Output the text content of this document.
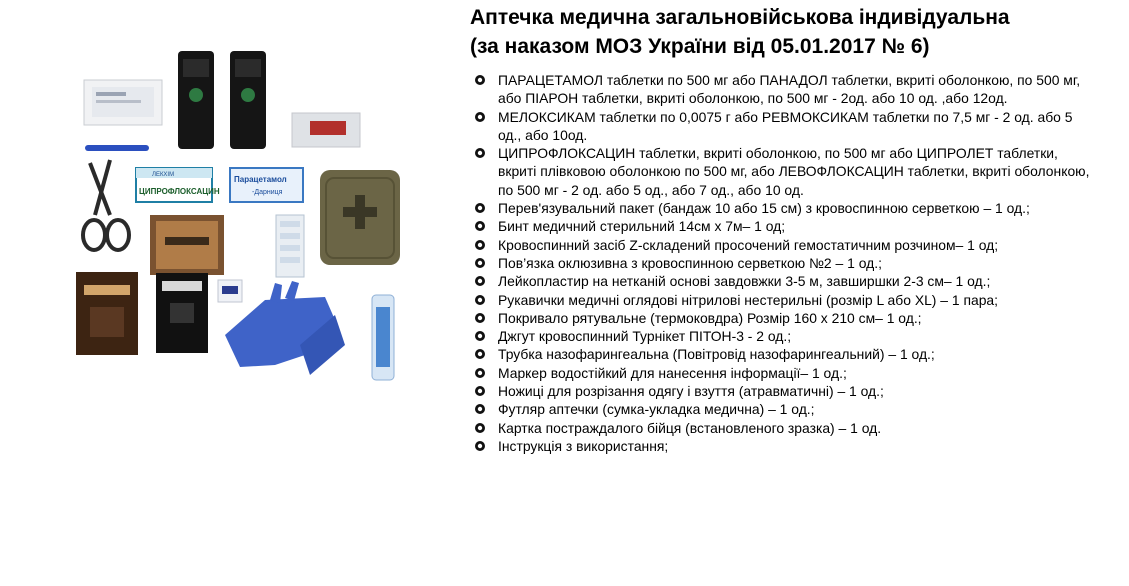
ЛЕКХІМ
ЦИПРОФЛОКСАЦИН
Парацетамол
-Дарниця
Аптечка медична загальновійськова індивідуальна
(за наказом МОЗ України від 05.01.2017 № 6)
ПАРАЦЕТАМОЛ таблетки по 500 мг або ПАНАДОЛ таблетки, вкриті оболонкою, по 500 мг, або ПІАРОН таблетки, вкриті оболонкою, по 500 мг - 2од. або 10 од. ,або 12од.
МЕЛОКСИКАМ таблетки по 0,0075 г або РЕВМОКСИКАМ таблетки по 7,5 мг - 2 од. або 5 од., або 10од.
ЦИПРОФЛОКСАЦИН таблетки, вкриті оболонкою, по 500 мг або ЦИПРОЛЕТ таблетки, вкриті плівковою оболонкою по 500 мг, або ЛЕВОФЛОКСАЦИН таблетки, вкриті оболонкою, по 500 мг - 2 од. або 5 од., або 7 од., або 10 од.
Перев'язувальний пакет (бандаж 10 або 15 см) з кровоспинною серветкою – 1 од.;
Бинт медичний стерильний 14см х 7м– 1 од;
Кровоспинний засіб Z-складений просочений гемостатичним розчином– 1 од;
Пов’язка оклюзивна з кровоспинною серветкою №2 – 1 од.;
Лейкопластир на нетканій основі завдовжки 3-5 м, завширшки 2-3 см– 1 од.;
Рукавички медичні оглядові нітрилові нестерильні (розмір L або XL) – 1 пара;
Покривало рятувальне (термоковдра) Розмір 160 х 210 см– 1 од.;
Джгут кровоспинний Турнікет ПІТОН-3 - 2 од.;
Трубка назофарингеальна (Повітровід назофарингеальний) – 1 од.;
Маркер водостійкий для нанесення інформації– 1 од.;
Ножиці для розрізання одягу і взуття (атравматичні) – 1 од.;
Футляр аптечки (сумка-укладка медична) – 1 од.;
Картка постраждалого бійця (встановленого зразка) – 1 од.
Інструкція з використання;
